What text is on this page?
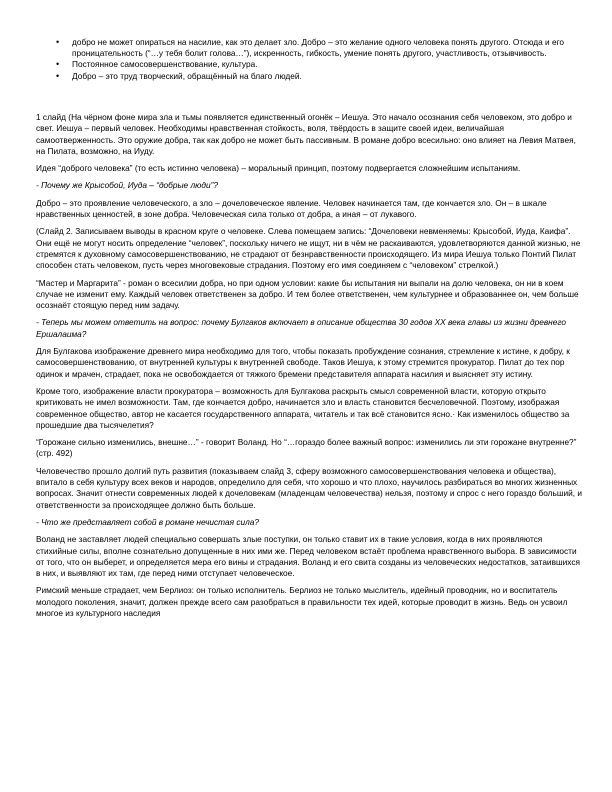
• добро не может опираться на насилие, как это делает зло. Добро – это желание одного человека понять другого. Отсюда и его проницательность (“…у тебя болит голова…”), искренность, гибкость, умение понять другого, участливость, отзывчивость.
• Постоянное самосовершенствование, культура.
• Добро – это труд творческий, обращённый на благо людей.

1 слайд (На чёрном фоне мира зла и тьмы появляется единственный огонёк – Иешуа. Это начало осознания себя человеком, это добро и свет. Иешуа – первый человек. Необходимы нравственная стойкость, воля, твёрдость в защите своей идеи, величайшая самоотверженность. Это оружие добра, так как добро не может быть пассивным. В романе добро всесильно: оно влияет на Левия Матвея, на Пилата, возможно, на Иуду.

Идея “доброго человека” (то есть истинно человека) – моральный принцип, поэтому подвергается сложнейшим испытаниям.

- Почему же Крысобой, Иуда – “добрые люди”?

Добро – это проявление человеческого, а зло – дочеловеческое явление. Человек начинается там, где кончается зло. Он – в шкале нравственных ценностей, в зоне добра. Человеческая сила только от добра, а иная – от лукавого.

(Слайд 2. Записываем выводы в красном круге о человеке. Слева помещаем запись: “Дочеловеки невменяемы: Крысобой, Иуда, Каифа”. Они ещё не могут носить определение “человек”, поскольку ничего не ищут, ни в чём не раскаиваются, удовлетворяются данной жизнью, не стремятся к духовному самосовершенствованию, не страдают от безнравственности происходящего. Из мира Иешуа только Понтий Пилат способен стать человеком, пусть через многовековые страдания. Поэтому его имя соединяем с “человеком” стрелкой.)

“Мастер и Маргарита” - роман о всесилии добра, но при одном условии: какие бы испытания ни выпали на долю человека, он ни в коем случае не изменит ему. Каждый человек ответственен за добро. И тем более ответственен, чем культурнее и образованнее он, чем больше осознаёт стоящую перед ним задачу.

- Теперь мы можем ответить на вопрос: почему Булгаков включает в описание общества 30 годов ХХ века главы из жизни древнего Ершалаима?

Для Булгакова изображение древнего мира необходимо для того, чтобы показать пробуждение сознания, стремление к истине, к добру, к самосовершенствованию, от внутренней культуры к внутренней свободе. Таков Иешуа, к этому стремится прокуратор. Пилат до тех пор одинок и мрачен, страдает, пока не освобождается от тяжкого бремени представителя аппарата насилия и выясняет эту истину.

Кроме того, изображение власти прокуратора – возможность для Булгакова раскрыть смысл современной власти, которую открыто критиковать не имел возможности. Там, где кончается добро, начинается зло и власть становится бесчеловечной. Поэтому, изображая современное общество, автор не касается государственного аппарата, читатель и так всё становится ясно.· Как изменилось общество за прошедшие два тысячелетия?

“Горожане сильно изменились, внешне…” - говорит Воланд. Но “…гораздо более важный вопрос: изменились ли эти горожане внутренне?” (стр. 492)

Человечество прошло долгий путь развития (показываем слайд 3, сферу возможного самосовершенствования человека и общества), впитало в себя культуру всех веков и народов, определило для себя, что хорошо и что плохо, научилось разбираться во многих жизненных вопросах. Значит отнести современных людей к дочеловекам (младенцам человечества) нельзя, поэтому и спрос с него гораздо больший, и ответственности за происходящее должно быть больше.

- Что же представляет собой в романе нечистая сила?

Воланд не заставляет людей специально совершать злые поступки, он только ставит их в такие условия, когда в них проявляются стихийные силы, вполне сознательно допущенные в них ими же. Перед человеком встаёт проблема нравственного выбора. В зависимости от того, что он выберет, и определяется мера его вины и страдания. Воланд и его свита созданы из человеческих недостатков, затаившихся в них, и выявляют их там, где перед ними отступает человеческое.

Римский меньше страдает, чем Берлиоз: он только исполнитель. Берлиоз не только мыслитель, идейный проводник, но и воспитатель молодого поколения, значит, должен прежде всего сам разобраться в правильности тех идей, которые проводит в жизнь. Ведь он усвоил многое из культурного наследия
